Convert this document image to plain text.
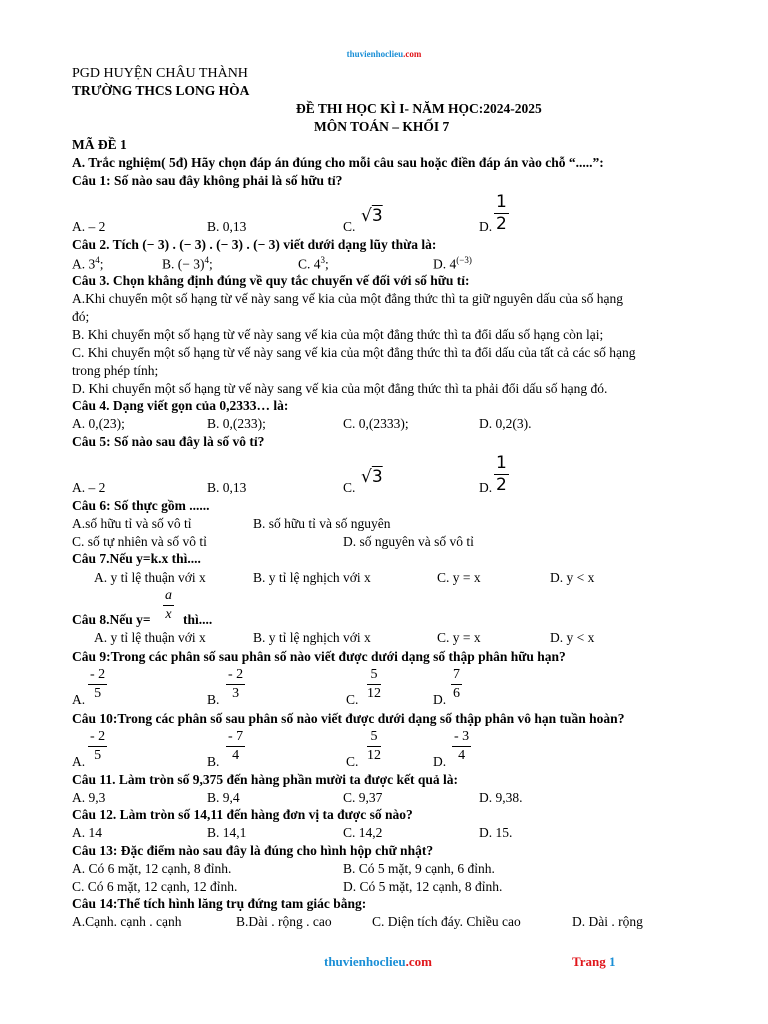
thuvienhoclieu.com
PGD HUYỆN CHÂU THÀNH
TRƯỜNG THCS LONG HÒA
ĐỀ THI HỌC KÌ I- NĂM HỌC:2024-2025
MÔN TOÁN – KHỐI 7
MÃ ĐỀ 1
A. Trắc nghiệm( 5đ) Hãy chọn đáp án đúng cho mỗi câu sau hoặc điền đáp án vào chỗ “.....”:
Câu 1: Số nào sau đây không phải là số hữu tỉ?
A. – 2	B. 0,13	C.
√3
D. $\frac{1}{2}$
Câu 2. Tích (− 3) . (− 3) . (− 3) . (− 3) viết dưới dạng lũy thừa là:
A. $3^4$;	B. (− 3)$^4$;	C. $4^3$;	D. $4^{(-3)}$
Câu 3. Chọn khẳng định đúng về quy tắc chuyển vế đối với số hữu tỉ:
A.Khi chuyển một số hạng từ vế này sang vế kia của một đẳng thức thì ta giữ nguyên dấu của số hạng
đó;
B. Khi chuyển một số hạng từ vế này sang vế kia của một đẳng thức thì ta đổi dấu số hạng còn lại;
C. Khi chuyển một số hạng từ vế này sang vế kia của một đẳng thức thì ta đổi dấu của tất cả các số hạng
trong phép tính;
D. Khi chuyển một số hạng từ vế này sang vế kia của một đẳng thức thì ta phải đổi dấu số hạng đó.
Câu 4. Dạng viết gọn của 0,2333… là:
A. 0,(23);	B. 0,(233);	C. 0,(2333);	D. 0,2(3).
Câu 5: Số nào sau đây là số vô tỉ?
A. – 2	B. 0,13	C.
√3
D. $\frac{1}{2}$
Câu 6: Số thực gồm ......
A.số hữu tỉ và số vô tỉ	B. số hữu tỉ và số nguyên
C. số tự nhiên và số vô tỉ	D. số nguyên và số vô tỉ
Câu 7.Nếu y=k.x thì....
A. y tỉ lệ thuận với x	B. y tỉ lệ nghịch với x	C. y = x	D. y < x
Câu 8.Nếu $y= \frac{a}{x}$ thì....
A. y tỉ lệ thuận với x	B. y tỉ lệ nghịch với x	C. y = x	D. y < x
Câu 9:Trong các phân số sau phân số nào viết được dưới dạng số thập phân hữu hạn?
A. $\frac{- 2}{5}$	B. $\frac{- 2}{3}$	C. $\frac{5}{12}$	D. $\frac{7}{6}$
Câu 10:Trong các phân số sau phân số nào viết được dưới dạng số thập phân vô hạn tuần hoàn?
A. $\frac{- 2}{5}$	B. $\frac{- 7}{4}$	C. $\frac{5}{12}$	D. $\frac{- 3}{4}$
Câu 11. Làm tròn số 9,375 đến hàng phần mười ta được kết quả là:
A. 9,3	B. 9,4	C. 9,37	D. 9,38.
Câu 12. Làm tròn số 14,11 đến hàng đơn vị ta được số nào?
A. 14	B. 14,1	C. 14,2	D. 15.
Câu 13: Đặc điểm nào sau đây là đúng cho hình hộp chữ nhật?
A. Có 6 mặt, 12 cạnh, 8 đỉnh.	B. Có 5 mặt, 9 cạnh, 6 đỉnh.
C. Có 6 mặt, 12 cạnh, 12 đỉnh.	D. Có 5 mặt, 12 cạnh, 8 đỉnh.
Câu 14:Thể tích hình lăng trụ đứng tam giác bằng:
A.Cạnh. cạnh . cạnh	B.Dài . rộng . cao	C. Diện tích đáy. Chiều cao	D. Dài . rộng
thuvienhoclieu.com	Trang 1
